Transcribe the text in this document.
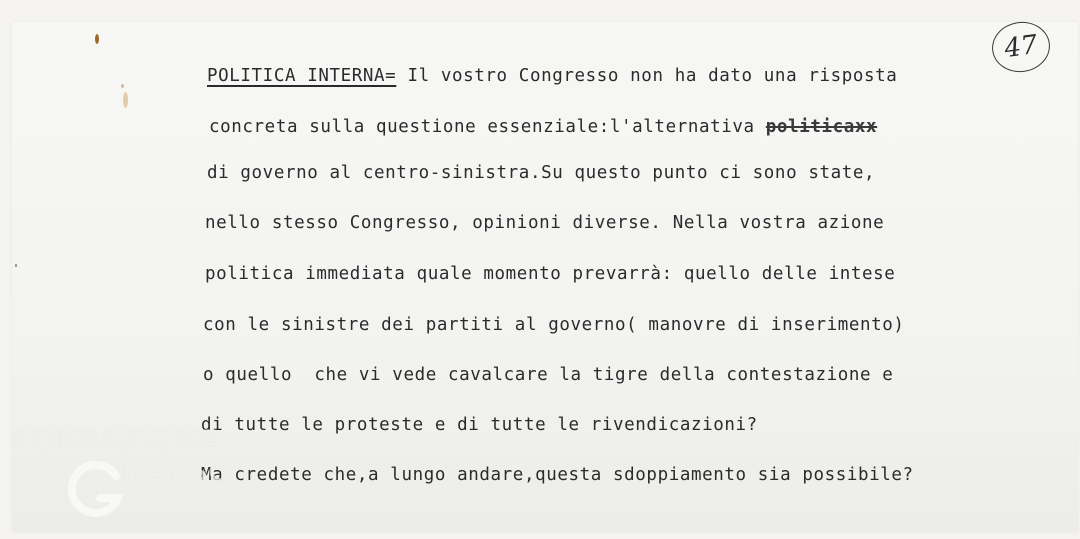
47
POLITICA INTERNA= Il vostro Congresso non ha dato una risposta
concreta sulla questione essenziale:l'alternativa politicaxx
di governo al centro-sinistra.Su questo punto ci sono state,
nello stesso Congresso, opinioni diverse. Nella vostra azione
politica immediata quale momento prevarrà: quello delle intese
con le sinistre dei partiti al governo( manovre di inserimento)
o quello  che vi vede cavalcare la tigre della contestazione e
di tutte le proteste e di tutte le rivendicazioni?
Ma credete che,a lungo andare,questa sdoppiamento sia possibile?
FONDAZIONE
RAMSCI
